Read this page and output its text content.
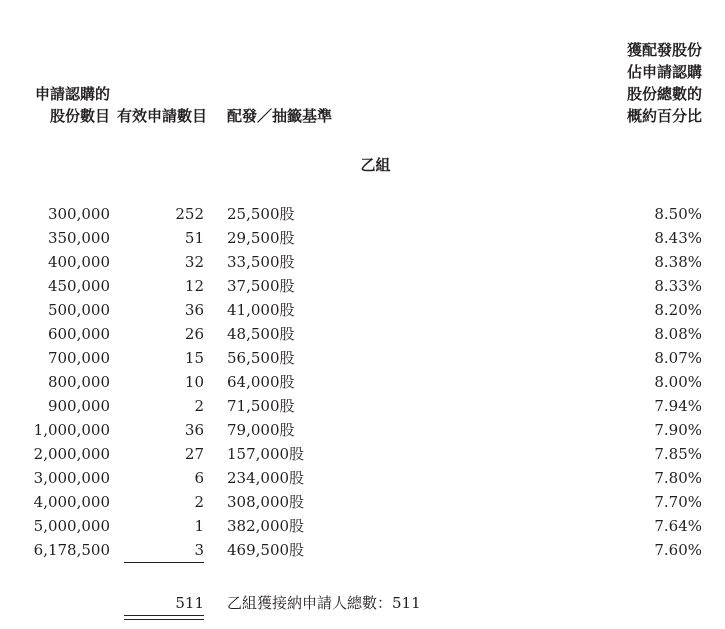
申請認購的
股份數目 有效申請數目 配發／抽籤基準
獲配發股份
佔申請認購
股份總數的
概約百分比
乙組
300,000	252 25,500股	8.50%
350,000	51 29,500股	8.43%
400,000	32 33,500股	8.38%
450,000	12 37,500股	8.33%
500,000	36 41,000股	8.20%
600,000	26 48,500股	8.08%
700,000	15 56,500股	8.07%
800,000	10 64,000股	8.00%
900,000	2 71,500股	7.94%
1,000,000	36 79,000股	7.90%
2,000,000	27 157,000股	7.85%
3,000,000	6 234,000股	7.80%
4,000,000	2 308,000股	7.70%
5,000,000	1 382,000股	7.64%
6,178,500	3 469,500股	7.60%
511 乙組獲接納申請人總數：511
